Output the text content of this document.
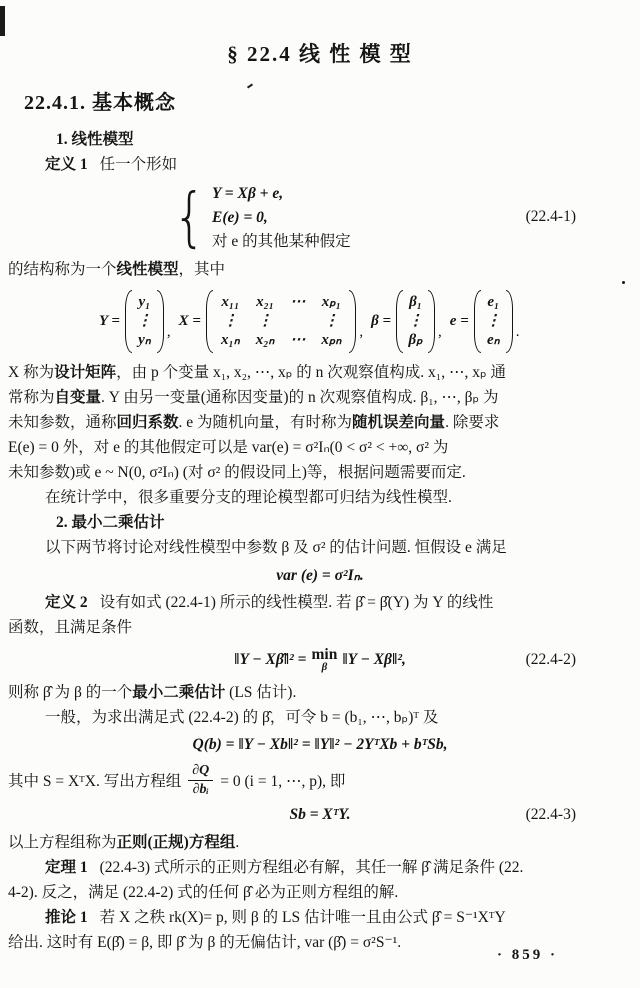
§ 22.4 线 性 模 型
22.4.1. 基本概念
1. 线性模型
定义 1 任一个形如
{
Y = Xβ + e,
E(e) = 0,
对 e 的其他某种假定
(22.4-1)
的结构称为一个线性模型，其中
Y =
y₁
⋮
yₙ ,
X =
x₁₁ x₂₁ ⋯ xₚ₁
⋮ ⋮	⋮
x₁ₙ x₂ₙ ⋯ xₚₙ ,
β =
β₁
⋮
βₚ ,
e =
e₁
⋮
eₙ .
X 称为设计矩阵，由 p 个变量 x₁, x₂, ⋯, xₚ 的 n 次观察值构成. x₁, ⋯, xₚ 通
常称为自变量. Y 由另一变量(通称因变量)的 n 次观察值构成. β₁, ⋯, βₚ 为
未知参数，通称回归系数. e 为随机向量，有时称为随机误差向量. 除要求
E(e) = 0 外，对 e 的其他假定可以是 var(e) = σ²Iₙ(0 < σ² < +∞, σ² 为
未知参数)或 e ~ N(0, σ²Iₙ) (对 σ² 的假设同上)等，根据问题需要而定.
在统计学中，很多重要分支的理论模型都可归结为线性模型.
2. 最小二乘估计
以下两节将讨论对线性模型中参数 β 及 σ² 的估计问题. 恒假设 e 满足
var (e) = σ²Iₙ.
定义 2 设有如式 (22.4-1) 所示的线性模型. 若 β̂ = β̂(Y) 为 Y 的线性
函数，且满足条件
‖Y − Xβ̂‖² = min
β ‖Y − Xβ‖²,	(22.4-2)
则称 β̂ 为 β 的一个最小二乘估计 (LS 估计).
一般，为求出满足式 (22.4-2) 的 β̂，可令 b = (b₁, ⋯, bₚ)ᵀ 及
Q(b) = ‖Y − Xb‖² = ‖Y‖² − 2YᵀXb + bᵀSb,
其中 S = XᵀX. 写出方程组 $\frac{\partial Q}{\text{∂bᵢ}} = 0$ (i = 1, ⋯, p), 即
Sb = XᵀY.	(22.4-3)
以上方程组称为正则(正规)方程组.
定理 1 (22.4-3) 式所示的正则方程组必有解，其任一解 β̂ 满足条件 (22.
4-2). 反之，满足 (22.4-2) 式的任何 β̂ 必为正则方程组的解.
推论 1 若 X 之秩 rk(X)= p, 则 β 的 LS 估计唯一且由公式 β̂ = S⁻¹XᵀY
给出. 这时有 E(β̂) = β, 即 β̂ 为 β 的无偏估计, var (β̂) = σ²S⁻¹.
· 859 ·
